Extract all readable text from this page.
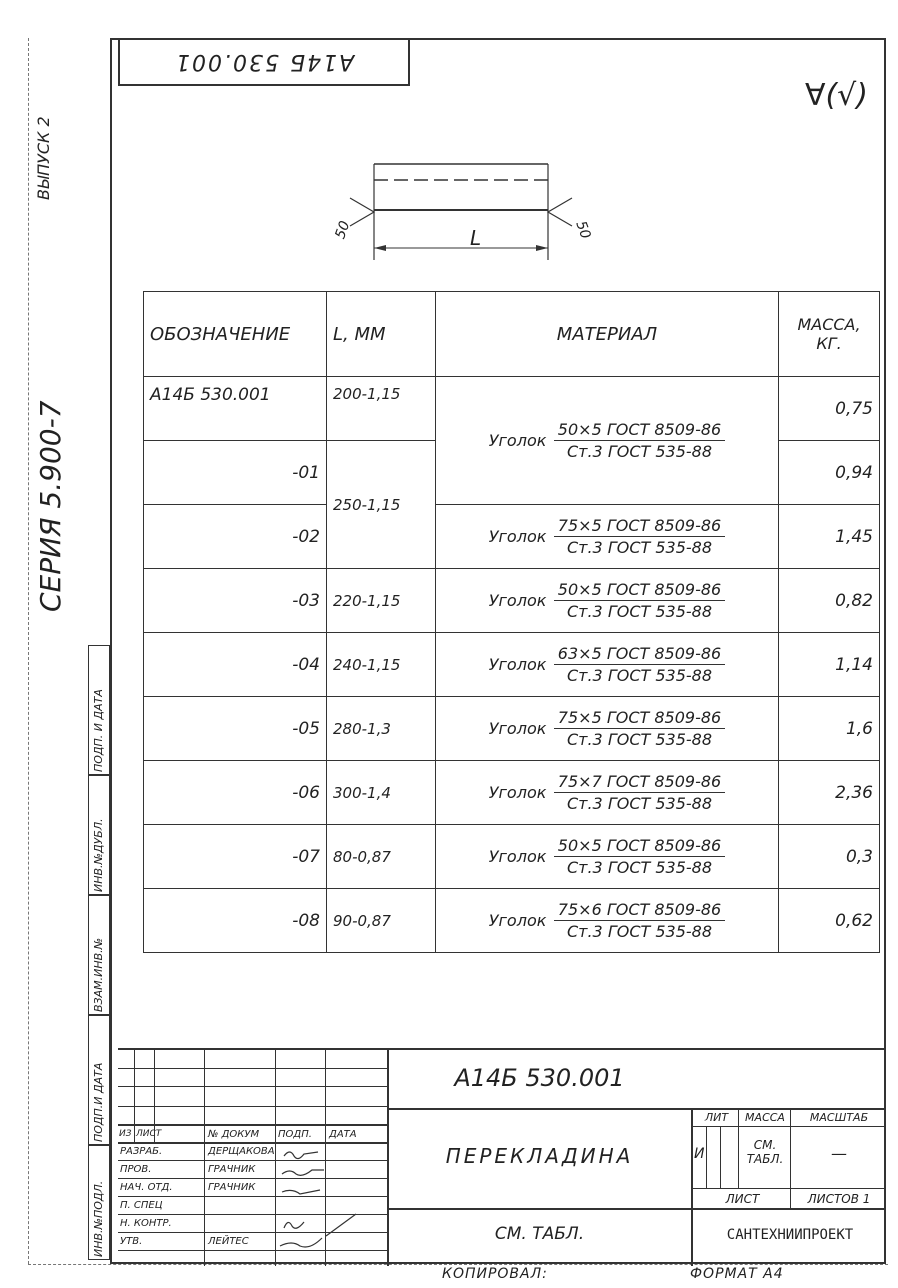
A14Б 530.001
∀(√)
ВЫПУСК 2
СЕРИЯ 5.900-7
ПОДП. И ДАТА
ИНВ.№ДУБЛ.
ВЗАМ.ИНВ.№
ПОДП.И ДАТА
ИНВ.№ПОДЛ.
50	50
L
ОБОЗНАЧЕНИЕ	L, ММ	МАТЕРИАЛ	МАССА, КГ.
A14Б 530.001	200-1,15	Уголок $\frac{\text{50×5 ГОСТ 8509-86}}{\text{Ст.3 ГОСТ 535-88}}$	0,75
-01	250-1,15		0,94
-02		Уголок $\frac{\text{75×5 ГОСТ 8509-86}}{\text{Ст.3 ГОСТ 535-88}}$	1,45
-03	220-1,15	Уголок $\frac{\text{50×5 ГОСТ 8509-86}}{\text{Ст.3 ГОСТ 535-88}}$	0,82
-04	240-1,15	Уголок $\frac{\text{63×5 ГОСТ 8509-86}}{\text{Ст.3 ГОСТ 535-88}}$	1,14
-05	280-1,3	Уголок $\frac{\text{75×5 ГОСТ 8509-86}}{\text{Ст.3 ГОСТ 535-88}}$	1,6
-06	300-1,4	Уголок $\frac{\text{75×7 ГОСТ 8509-86}}{\text{Ст.3 ГОСТ 535-88}}$	2,36
-07	80-0,87	Уголок $\frac{\text{50×5 ГОСТ 8509-86}}{\text{Ст.3 ГОСТ 535-88}}$	0,3
-08	90-0,87	Уголок $\frac{\text{75×6 ГОСТ 8509-86}}{\text{Ст.3 ГОСТ 535-88}}$	0,62
A14Б 530.001
ПЕРЕКЛАДИНА
СМ. ТАБЛ.
ЛИТ	МАССА	МАСШТАБ
И
СМ. ТАБЛ.	—
ЛИСТ	ЛИСТОВ 1
САНТЕХНИИПРОЕКТ
ИЗ ЛИСТ	№ ДОКУМ ПОДП. ДАТА
РАЗРАБ.	ДЕРЩАКОВА
ПРОВ.	ГРАЧНИК
НАЧ. ОТД.	ГРАЧНИК
П. СПЕЦ
Н. КОНТР.
УТВ.	ЛЕЙТЕС
КОПИРОВАЛ:	ФОРМАТ А4
